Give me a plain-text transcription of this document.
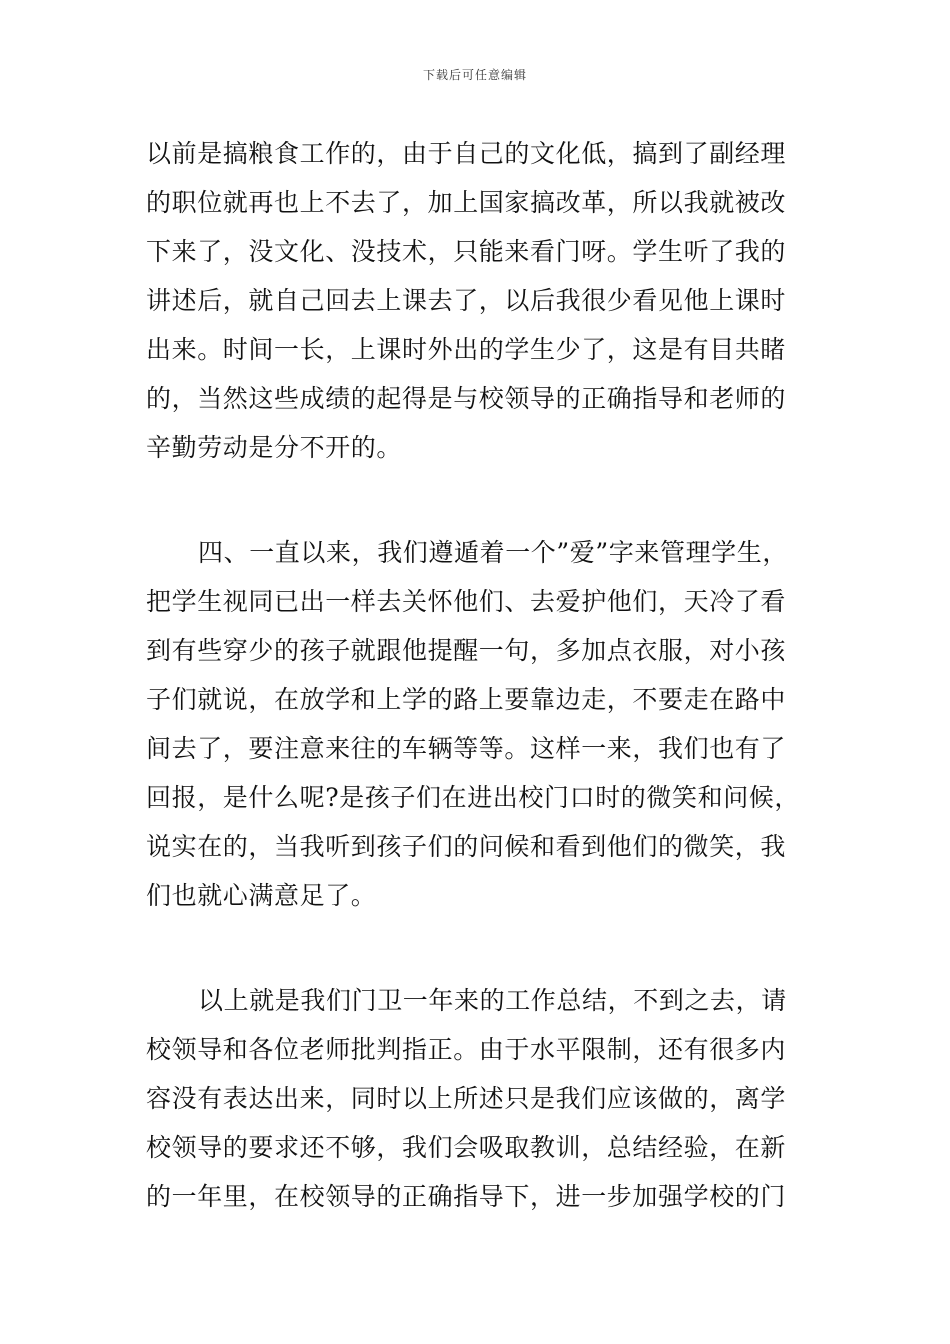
下载后可任意编辑
以前是搞粮食工作的，由于自己的文化低，搞到了副经理
的职位就再也上不去了，加上国家搞改革，所以我就被改
下来了，没文化、没技术，只能来看门呀。学生听了我的
讲述后，就自己回去上课去了，以后我很少看见他上课时
出来。时间一长，上课时外出的学生少了，这是有目共睹
的，当然这些成绩的起得是与校领导的正确指导和老师的
辛勤劳动是分不开的。
四、一直以来，我们遵遁着一个”爱”字来管理学生，
把学生视同已出一样去关怀他们、去爱护他们，天冷了看
到有些穿少的孩子就跟他提醒一句，多加点衣服，对小孩
子们就说，在放学和上学的路上要靠边走，不要走在路中
间去了，要注意来往的车辆等等。这样一来，我们也有了
回报，是什么呢?是孩子们在进出校门口时的微笑和问候，
说实在的，当我听到孩子们的问候和看到他们的微笑，我
们也就心满意足了。
以上就是我们门卫一年来的工作总结，不到之去，请
校领导和各位老师批判指正。由于水平限制，还有很多内
容没有表达出来，同时以上所述只是我们应该做的，离学
校领导的要求还不够，我们会吸取教训，总结经验，在新
的一年里，在校领导的正确指导下，进一步加强学校的门
